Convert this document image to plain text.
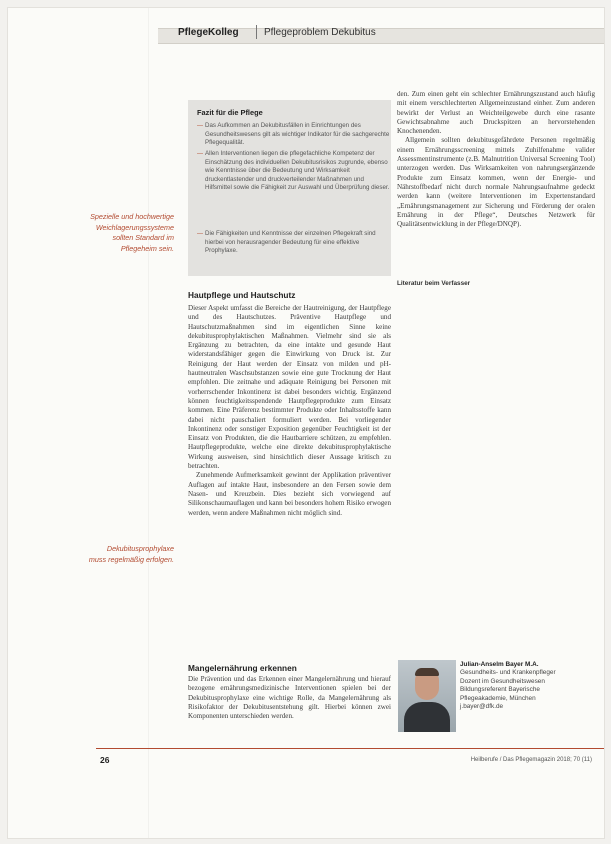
PflegeKolleg	Pflegeproblem Dekubitus
Spezielle und hochwertige Weichlagerungssysteme sollten Standard im Pflegeheim sein.
Dekubitusprophylaxe muss regelmäßig erfolgen.
Fazit für die Pflege
— Das Aufkommen an Dekubitusfällen in Einrichtungen des Gesundheitswesens gilt als wichtiger Indikator für die sachgerechte Pflegequalität.
— Allen Interventionen liegen die pflegefachliche Kompetenz der Einschätzung des individuellen Dekubitusrisikos zugrunde, ebenso wie Kenntnisse über die Bedeutung und Wirksamkeit druckentlastender und druckverteilender Maßnahmen und Hilfsmittel sowie die Fähigkeit zur Auswahl und Überprüfung dieser.
— Die Fähigkeiten und Kenntnisse der einzelnen Pflegekraft sind hierbei von herausragender Bedeutung für eine effektive Prophylaxe.
Hautpflege und Hautschutz

Dieser Aspekt umfasst die Bereiche der Hautreinigung, der Hautpflege und des Hautschutzes. Präventive Hautpflege und Hautschutzmaßnahmen sind im eigentlichen Sinne keine dekubitusprophylaktischen Maßnahmen. Vielmehr sind sie als Ergänzung zu betrachten, da eine intakte und gesunde Haut widerstandsfähiger gegen die Einwirkung von Druck ist. Zur Reinigung der Haut werden der Einsatz von milden und pH-hautneutralen Waschsubstanzen sowie eine gute Trocknung der Haut empfohlen. Die zeitnahe und adäquate Reinigung bei Personen mit vorherrschender Inkontinenz ist dabei besonders wichtig. Ergänzend können feuchtigkeitsspendende Hautpflegeprodukte zum Einsatz kommen. Eine Präferenz bestimmter Produkte oder Inhaltsstoffe kann dabei nicht pauschaliert formuliert werden. Bei vorliegender Inkontinenz oder sonstiger Exposition gegenüber Feuchtigkeit ist der Einsatz von Produkten, die die Hautbarriere schützen, zu empfehlen. Hautpflegeprodukte, welche eine direkte dekubitusprophylaktische Wirkung ausweisen, sind hinsichtlich dieser Aussage kritisch zu betrachten.

Zunehmende Aufmerksamkeit gewinnt der Applikation präventiver Auflagen auf intakte Haut, insbesondere an den Fersen sowie dem Nasen- und Kreuzbein. Dies bezieht sich vorwiegend auf Silikonschaumauflagen und kann bei besonders hohem Risiko erwogen werden, wenn andere Maßnahmen nicht möglich sind.

Mangelernährung erkennen

Die Prävention und das Erkennen einer Mangelernährung und hierauf bezogene ernährungsmedizinische Interventionen spielen bei der Dekubitusprophylaxe eine wichtige Rolle, da Mangelernährung als Risikofaktor der Dekubitusentstehung gilt. Hierbei können zwei Komponenten unterschieden werden.

den. Zum einen geht ein schlechter Ernährungszustand auch häufig mit einem verschlechterten Allgemeinzustand einher. Zum anderen bewirkt der Verlust an Weichteilgewebe durch eine rasante Gewichtsabnahme auch Druckspitzen an hervorstehenden Knochenenden.

Allgemein sollten dekubitusgefährdete Personen regelmäßig einem Ernährungsscreening mittels Zuhilfenahme valider Assessmentinstrumente (z.B. Malnutrition Universal Screening Tool) unterzogen werden. Das Wirksamkeiten von nahrungsergänzende Produkte zum Einsatz kommen, wenn der Energie- und Nährstoffbedarf nicht durch normale Nahrungsaufnahme gedeckt werden kann (weitere Interventionen im Expertenstandard „Ernährungsmanagement zur Sicherung und Förderung der oralen Ernährung in der Pflege“, Deutsches Netzwerk für Qualitätsentwicklung in der Pflege/DNQP).

Literatur beim Verfasser
Julian-Anselm Bayer M.A.
Gesundheits- und Krankenpfleger
Dozent im Gesundheitswesen
Bildungsreferent Bayerische
Pflegeakademie, München
j.bayer@dfk.de
26	Heilberufe / Das Pflegemagazin 2018; 70 (11)
